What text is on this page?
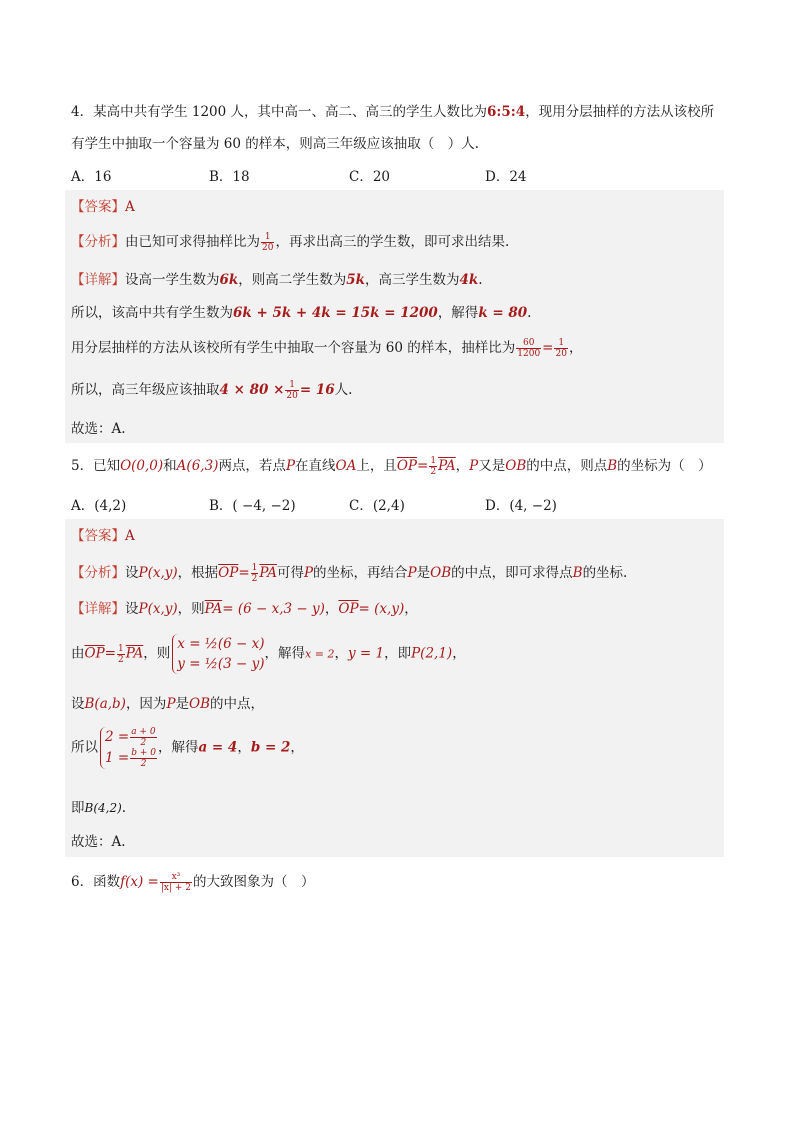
4．某高中共有学生 1200 人，其中高一、高二、高三的学生人数比为6:5:4，现用分层抽样的方法从该校所
有学生中抽取一个容量为 60 的样本，则高三年级应该抽取（　）人.
A．16	B．18	C．20	D．24
【答案】A
【分析】由已知可求得抽样比为 $\frac{1}{20}$ ，再求出高三的学生数，即可求出结果.
【详解】设高一学生数为6k，则高二学生数为5k，高三学生数为4k.
所以，该高中共有学生数为6k + 5k + 4k = 15k = 1200，解得k = 80.
用分层抽样的方法从该校所有学生中抽取一个容量为 60 的样本，抽样比为 $\frac{60}{1200} = \frac{1}{20}$ ，
所以，高三年级应该抽取$4 \times 80 \times \frac{1}{20} = 16$人.
故选：A.
5．已知O(0,0)和A(6,3)两点，若点P在直线OA上，且$\overline{OP}= \frac{1}{2} \overline{PA}$，P又是OB的中点，则点B的坐标为（　）
A．(4,2)	B．( −4, −2)	C．(2,4)	D．(4, −2)
【答案】A
【分析】设P(x,y)，根据$\overline{OP}= \frac{1}{2} \overline{PA}$可得P的坐标，再结合P是OB的中点，即可求得点B的坐标.
【详解】设P(x,y)，则$\overline{PA}= (6 - x,3 - y)$，$\overline{OP}= (x,y)$，
由$\overline{OP}= \frac{1}{2} \overline{PA}$，则
x = ½(6 − x)
y = ½(3 − y)
，解得x = 2，y = 1，即P(2,1)，
设B(a,b)，因为P是OB的中点，
所以
$2 = \frac{a + 0}{2}$
$1 = \frac{b + 0}{2}$
，解得a = 4，b = 2，
即B(4,2).
故选：A.
6．函数$f(x) = \frac{\text{x³}}{|x| + 2}$ 的大致图象为（　）
